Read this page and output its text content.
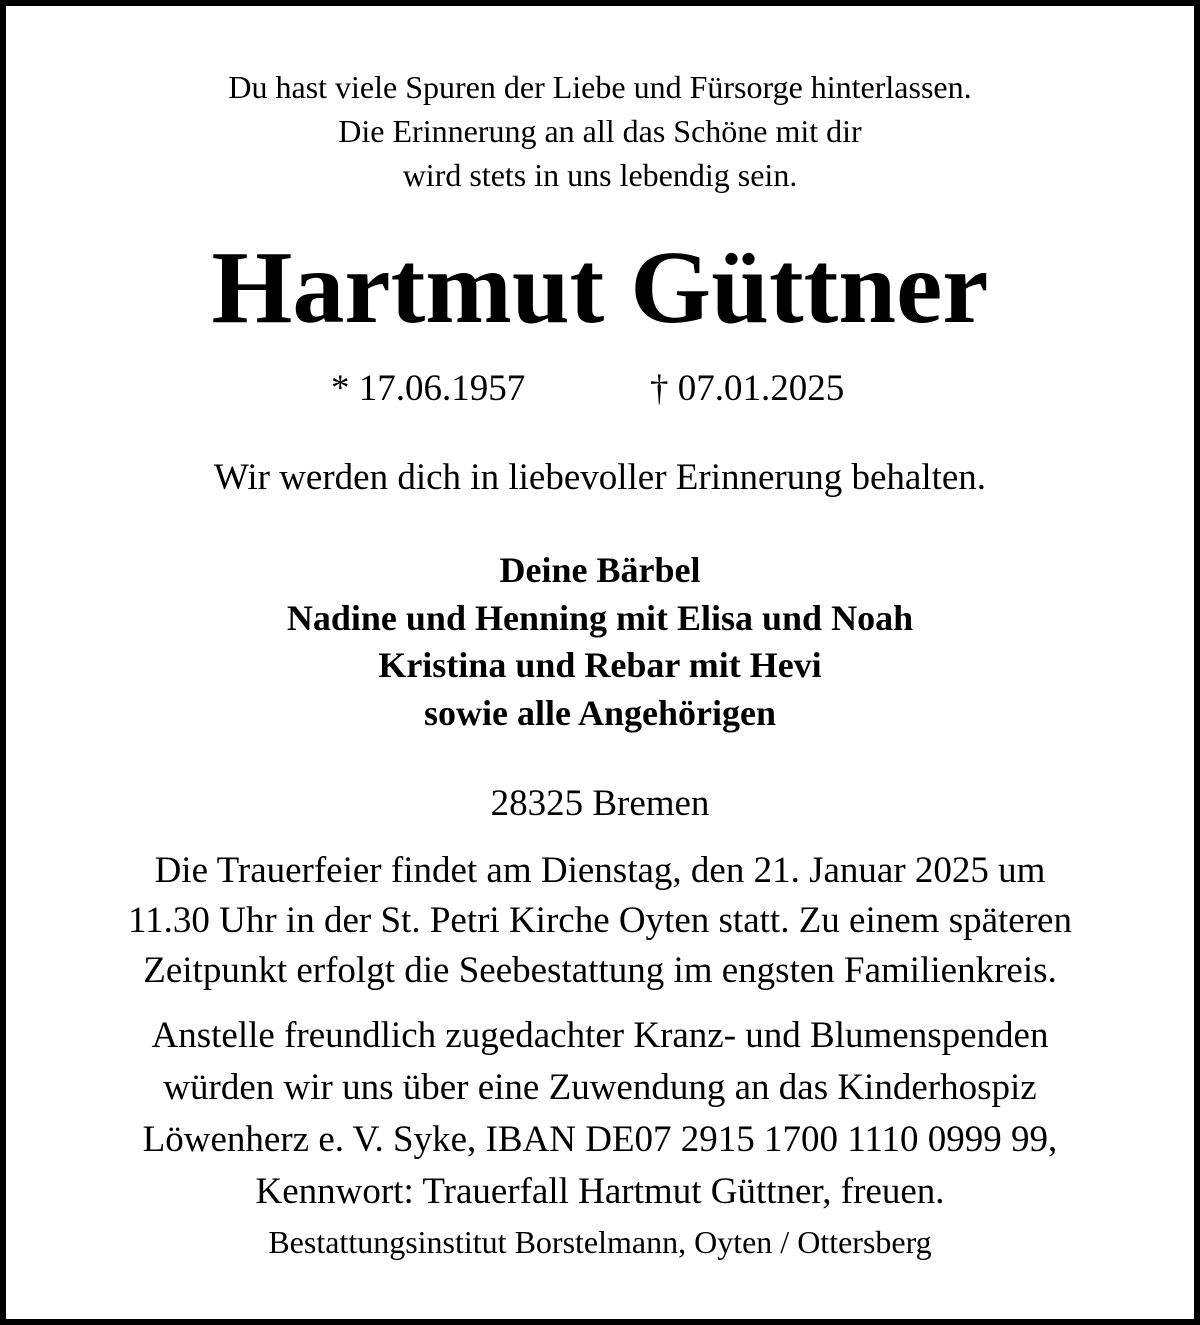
Du hast viele Spuren der Liebe und Fürsorge hinterlassen.
Die Erinnerung an all das Schöne mit dir
wird stets in uns lebendig sein.
Hartmut Güttner
* 17.06.1957	† 07.01.2025
Wir werden dich in liebevoller Erinnerung behalten.
Deine Bärbel
Nadine und Henning mit Elisa und Noah
Kristina und Rebar mit Hevi
sowie alle Angehörigen
28325 Bremen
Die Trauerfeier findet am Dienstag, den 21. Januar 2025 um
11.30 Uhr in der St. Petri Kirche Oyten statt. Zu einem späteren
Zeitpunkt erfolgt die Seebestattung im engsten Familienkreis.
Anstelle freundlich zugedachter Kranz- und Blumenspenden
würden wir uns über eine Zuwendung an das Kinderhospiz
Löwenherz e. V. Syke, IBAN DE07 2915 1700 1110 0999 99,
Kennwort: Trauerfall Hartmut Güttner, freuen.
Bestattungsinstitut Borstelmann, Oyten / Ottersberg
